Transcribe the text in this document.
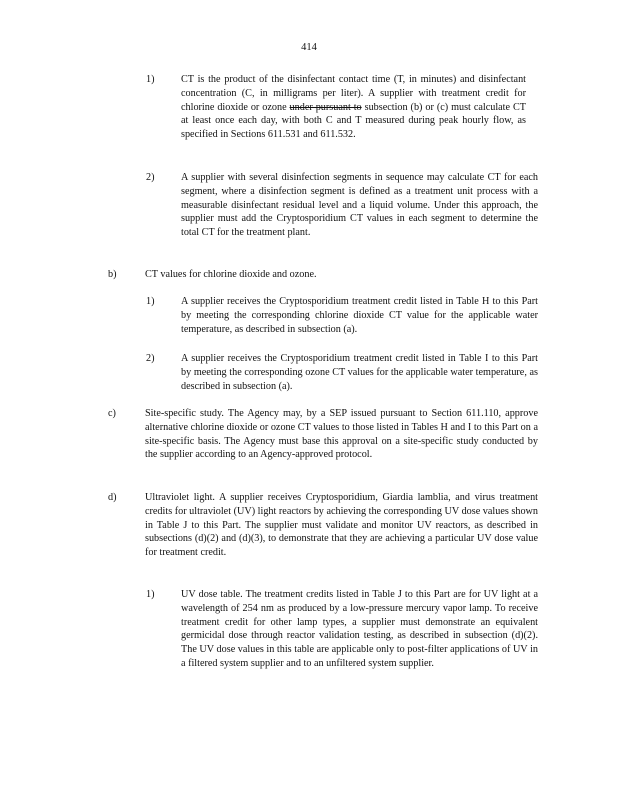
414
1)	CT is the product of the disinfectant contact time (T, in minutes) and disinfectant concentration (C, in milligrams per liter). A supplier with treatment credit for chlorine dioxide or ozone under pursuant to subsection (b) or (c) must calculate CT at least once each day, with both C and T measured during peak hourly flow, as specified in Sections 611.531 and 611.532.
2)	A supplier with several disinfection segments in sequence may calculate CT for each segment, where a disinfection segment is defined as a treatment unit process with a measurable disinfectant residual level and a liquid volume. Under this approach, the supplier must add the Cryptosporidium CT values in each segment to determine the total CT for the treatment plant.
b)	CT values for chlorine dioxide and ozone.
1)	A supplier receives the Cryptosporidium treatment credit listed in Table H to this Part by meeting the corresponding chlorine dioxide CT value for the applicable water temperature, as described in subsection (a).
2)	A supplier receives the Cryptosporidium treatment credit listed in Table I to this Part by meeting the corresponding ozone CT values for the applicable water temperature, as described in subsection (a).
c)	Site-specific study. The Agency may, by a SEP issued pursuant to Section 611.110, approve alternative chlorine dioxide or ozone CT values to those listed in Tables H and I to this Part on a site-specific basis. The Agency must base this approval on a site-specific study conducted by the supplier according to an Agency-approved protocol.
d)	Ultraviolet light. A supplier receives Cryptosporidium, Giardia lamblia, and virus treatment credits for ultraviolet (UV) light reactors by achieving the corresponding UV dose values shown in Table J to this Part. The supplier must validate and monitor UV reactors, as described in subsections (d)(2) and (d)(3), to demonstrate that they are achieving a particular UV dose value for treatment credit.
1)	UV dose table. The treatment credits listed in Table J to this Part are for UV light at a wavelength of 254 nm as produced by a low-pressure mercury vapor lamp. To receive treatment credit for other lamp types, a supplier must demonstrate an equivalent germicidal dose through reactor validation testing, as described in subsection (d)(2). The UV dose values in this table are applicable only to post-filter applications of UV in a filtered system supplier and to an unfiltered system supplier.
